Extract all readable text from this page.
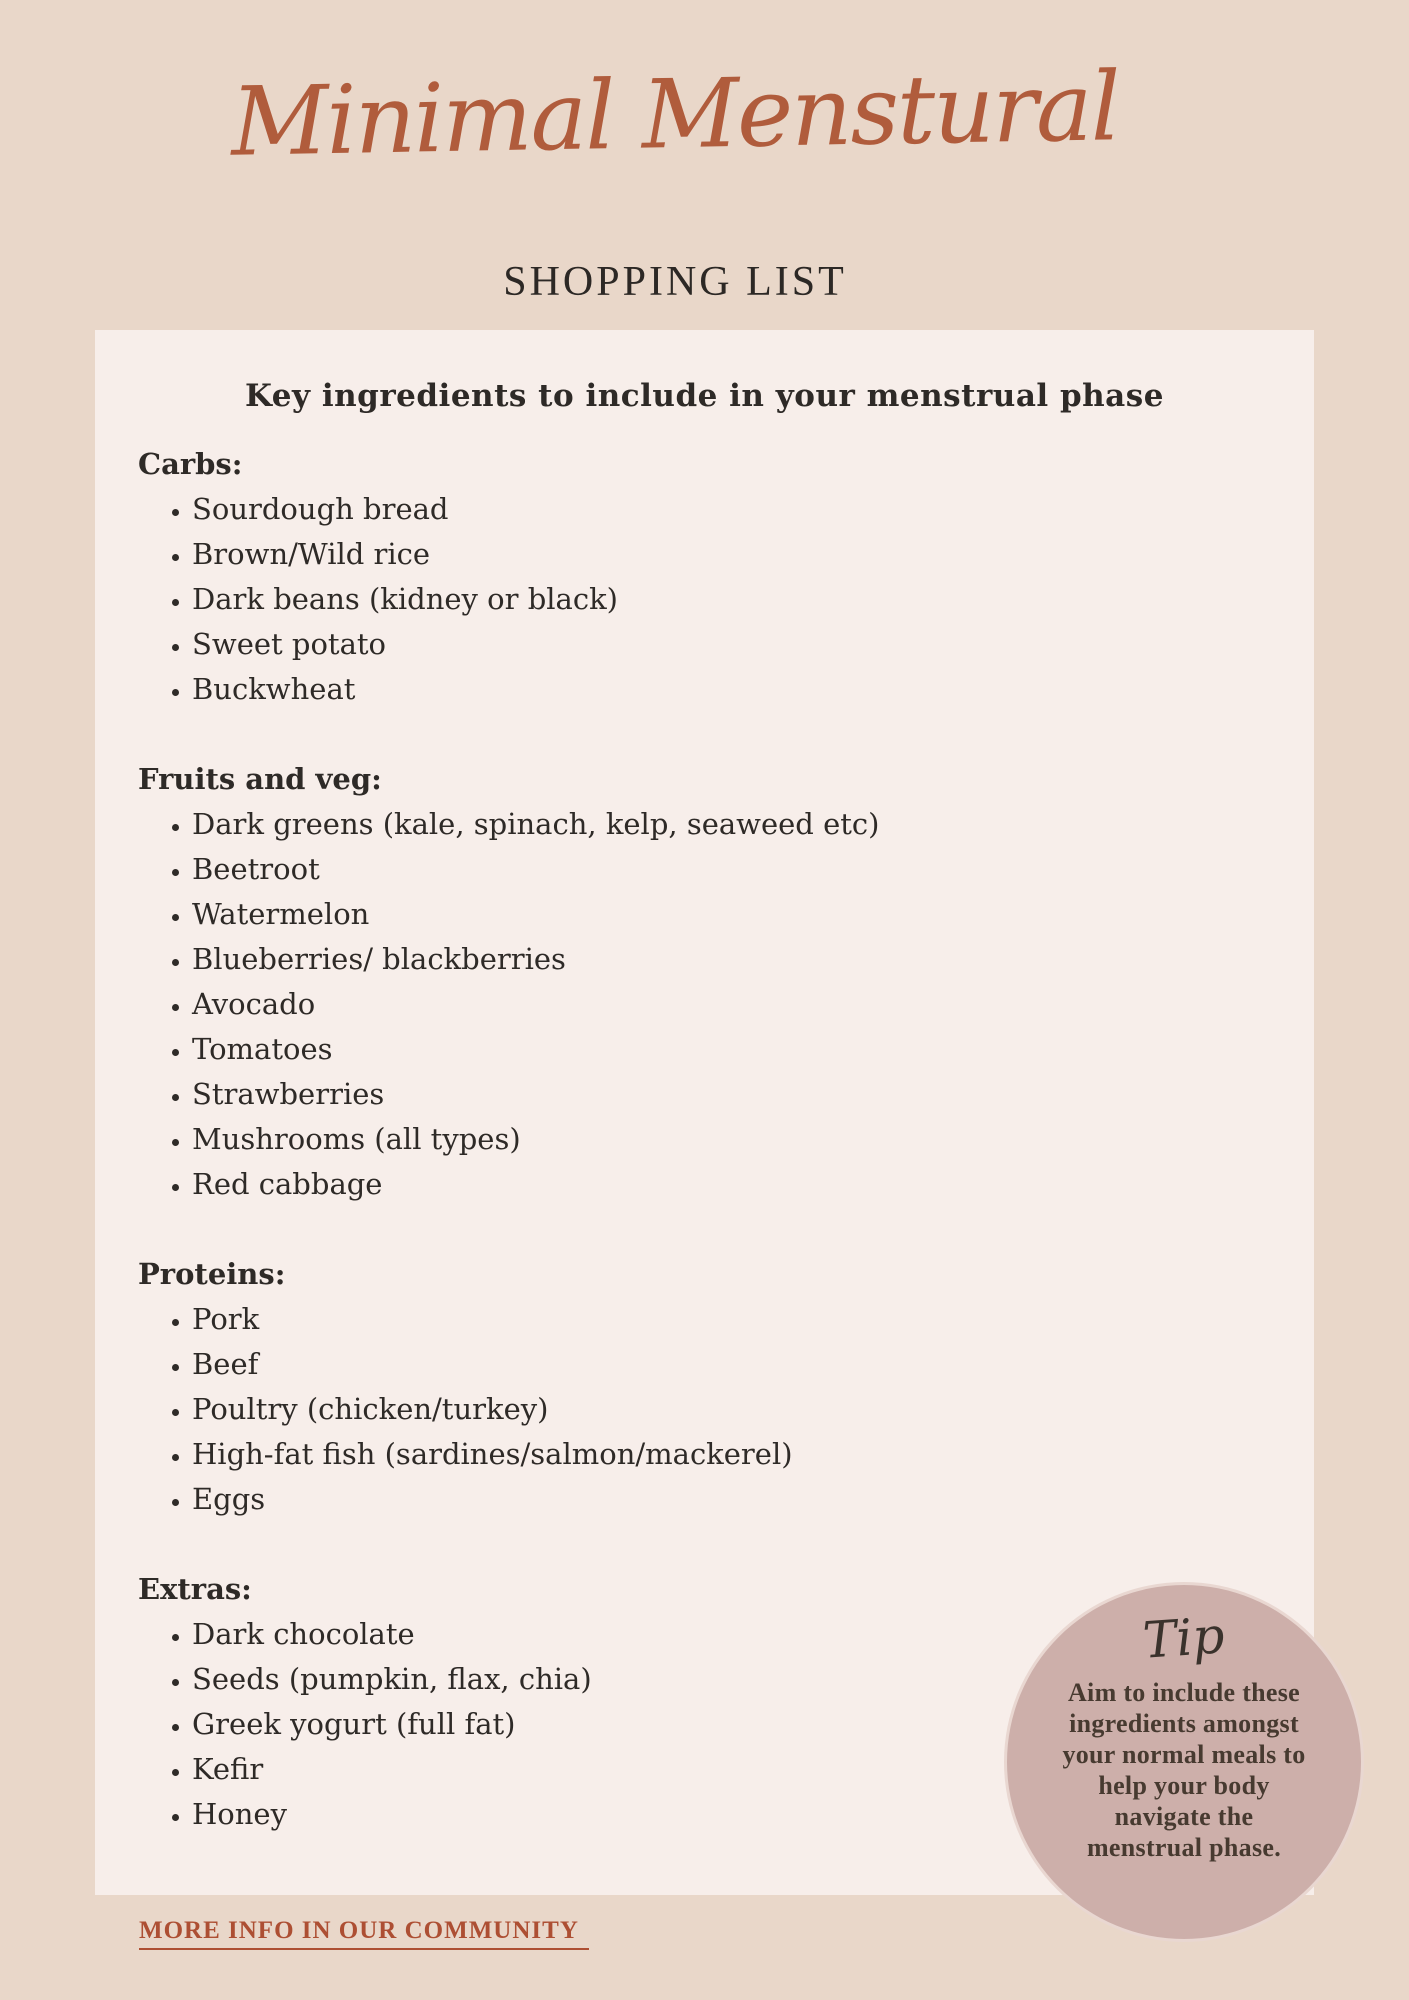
Minimal Menstural
SHOPPING LIST
Key ingredients to include in your menstrual phase
Carbs:
• Sourdough bread
• Brown/Wild rice
• Dark beans (kidney or black)
• Sweet potato
• Buckwheat
Fruits and veg:
• Dark greens (kale, spinach, kelp, seaweed etc)
• Beetroot
• Watermelon
• Blueberries/ blackberries
• Avocado
• Tomatoes
• Strawberries
• Mushrooms (all types)
• Red cabbage
Proteins:
• Pork
• Beef
• Poultry (chicken/turkey)
• High-fat fish (sardines/salmon/mackerel)
• Eggs
Extras:
• Dark chocolate
• Seeds (pumpkin, flax, chia)
• Greek yogurt (full fat)
• Kefir
• Honey
Tip
Aim to include these ingredients amongst your normal meals to help your body navigate the menstrual phase.
MORE INFO IN OUR COMMUNITY
